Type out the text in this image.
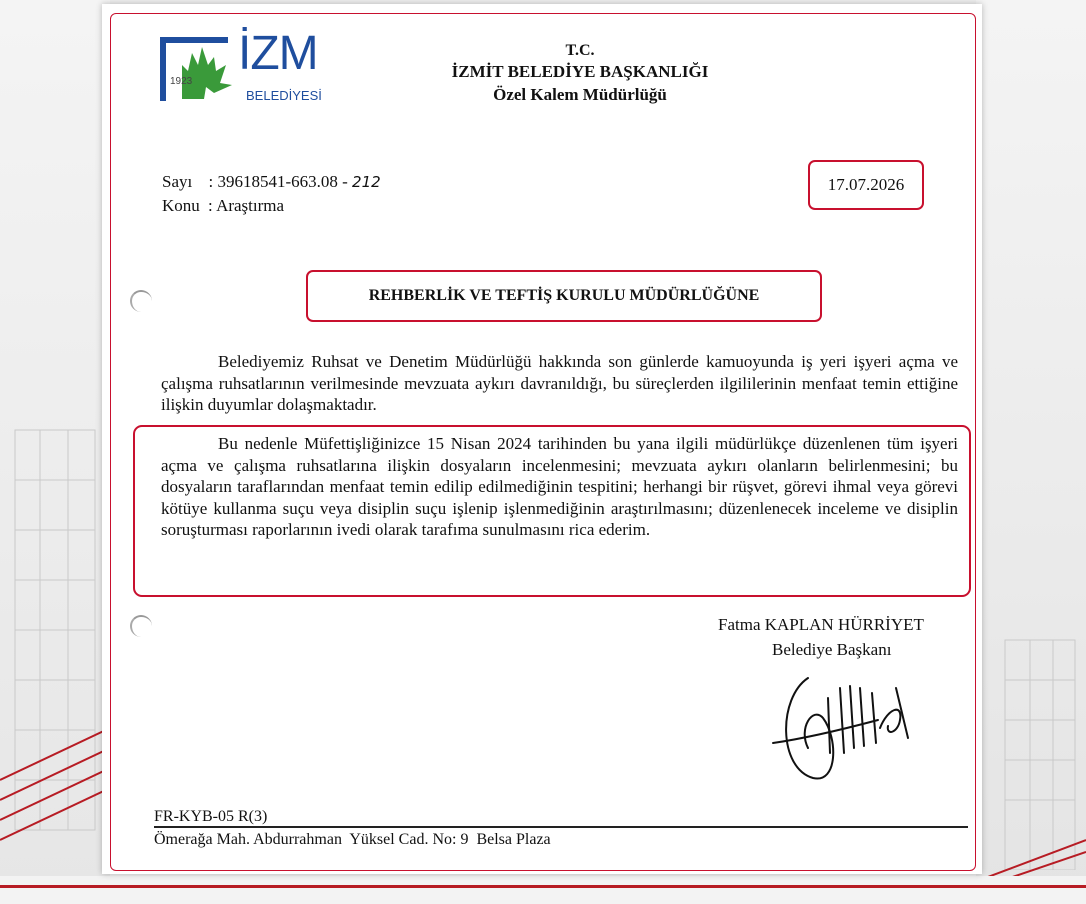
1923
İZM
BELEDİYESİ
T.C.
İZMİT BELEDİYE BAŞKANLIĞI
Özel Kalem Müdürlüğü
Sayı : 39618541-663.08 - 212
Konu : Araştırma
17.07.2026
REHBERLİK VE TEFTİŞ KURULU MÜDÜRLÜĞÜNE
Belediyemiz Ruhsat ve Denetim Müdürlüğü hakkında son günlerde kamuoyunda iş yeri işyeri açma ve çalışma ruhsatlarının verilmesinde mevzuata aykırı davranıldığı, bu süreçlerden ilgililerinin menfaat temin ettiğine ilişkin duyumlar dolaşmaktadır.
Bu nedenle Müfettişliğinizce 15 Nisan 2024 tarihinden bu yana ilgili müdürlükçe düzenlenen tüm işyeri açma ve çalışma ruhsatlarına ilişkin dosyaların incelenmesini; mevzuata aykırı olanların belirlenmesini; bu dosyaların taraflarından menfaat temin edilip edilmediğinin tespitini; herhangi bir rüşvet, görevi ihmal veya görevi kötüye kullanma suçu veya disiplin suçu işlenip işlenmediğinin araştırılmasını; düzenlenecek inceleme ve disiplin soruşturması raporlarının ivedi olarak tarafıma sunulmasını rica ederim.
Fatma KAPLAN HÜRRİYET
Belediye Başkanı
FR-KYB-05 R(3)
Ömerağa Mah. Abdurrahman  Yüksel Cad. No: 9  Belsa Plaza
